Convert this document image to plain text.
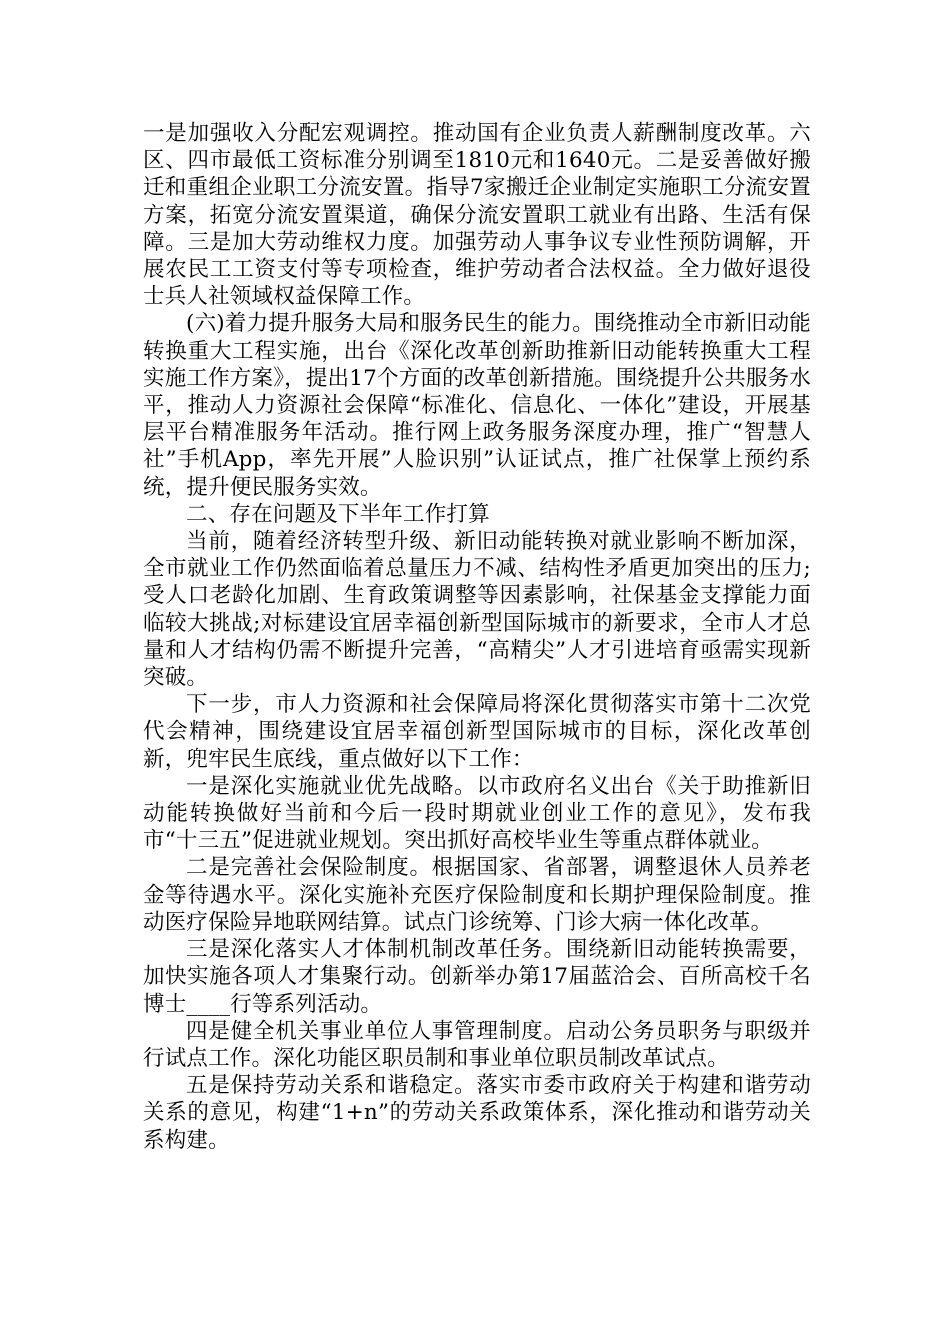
一是加强收入分配宏观调控。推动国有企业负责人薪酬制度改革。六区、四市最低工资标准分别调至1810元和1640元。二是妥善做好搬迁和重组企业职工分流安置。指导7家搬迁企业制定实施职工分流安置方案，拓宽分流安置渠道，确保分流安置职工就业有出路、生活有保障。三是加大劳动维权力度。加强劳动人事争议专业性预防调解，开展农民工工资支付等专项检查，维护劳动者合法权益。全力做好退役士兵人社领域权益保障工作。

(六)着力提升服务大局和服务民生的能力。围绕推动全市新旧动能转换重大工程实施，出台《深化改革创新助推新旧动能转换重大工程实施工作方案》，提出17个方面的改革创新措施。围绕提升公共服务水平，推动人力资源社会保障“标准化、信息化、一体化”建设，开展基层平台精准服务年活动。推行网上政务服务深度办理，推广“智慧人社”手机App，率先开展”人脸识别”认证试点，推广社保掌上预约系统，提升便民服务实效。

二、存在问题及下半年工作打算

当前，随着经济转型升级、新旧动能转换对就业影响不断加深，全市就业工作仍然面临着总量压力不减、结构性矛盾更加突出的压力;受人口老龄化加剧、生育政策调整等因素影响，社保基金支撑能力面临较大挑战;对标建设宜居幸福创新型国际城市的新要求，全市人才总量和人才结构仍需不断提升完善，“高精尖”人才引进培育亟需实现新突破。

下一步，市人力资源和社会保障局将深化贯彻落实市第十二次党代会精神，围绕建设宜居幸福创新型国际城市的目标，深化改革创新，兜牢民生底线，重点做好以下工作：

一是深化实施就业优先战略。以市政府名义出台《关于助推新旧动能转换做好当前和今后一段时期就业创业工作的意见》，发布我市“十三五”促进就业规划。突出抓好高校毕业生等重点群体就业。

二是完善社会保险制度。根据国家、省部署，调整退休人员养老金等待遇水平。深化实施补充医疗保险制度和长期护理保险制度。推动医疗保险异地联网结算。试点门诊统筹、门诊大病一体化改革。

三是深化落实人才体制机制改革任务。围绕新旧动能转换需要，加快实施各项人才集聚行动。创新举办第17届蓝洽会、百所高校千名博士____行等系列活动。

四是健全机关事业单位人事管理制度。启动公务员职务与职级并行试点工作。深化功能区职员制和事业单位职员制改革试点。

五是保持劳动关系和谐稳定。落实市委市政府关于构建和谐劳动关系的意见，构建“1+n”的劳动关系政策体系，深化推动和谐劳动关系构建。
